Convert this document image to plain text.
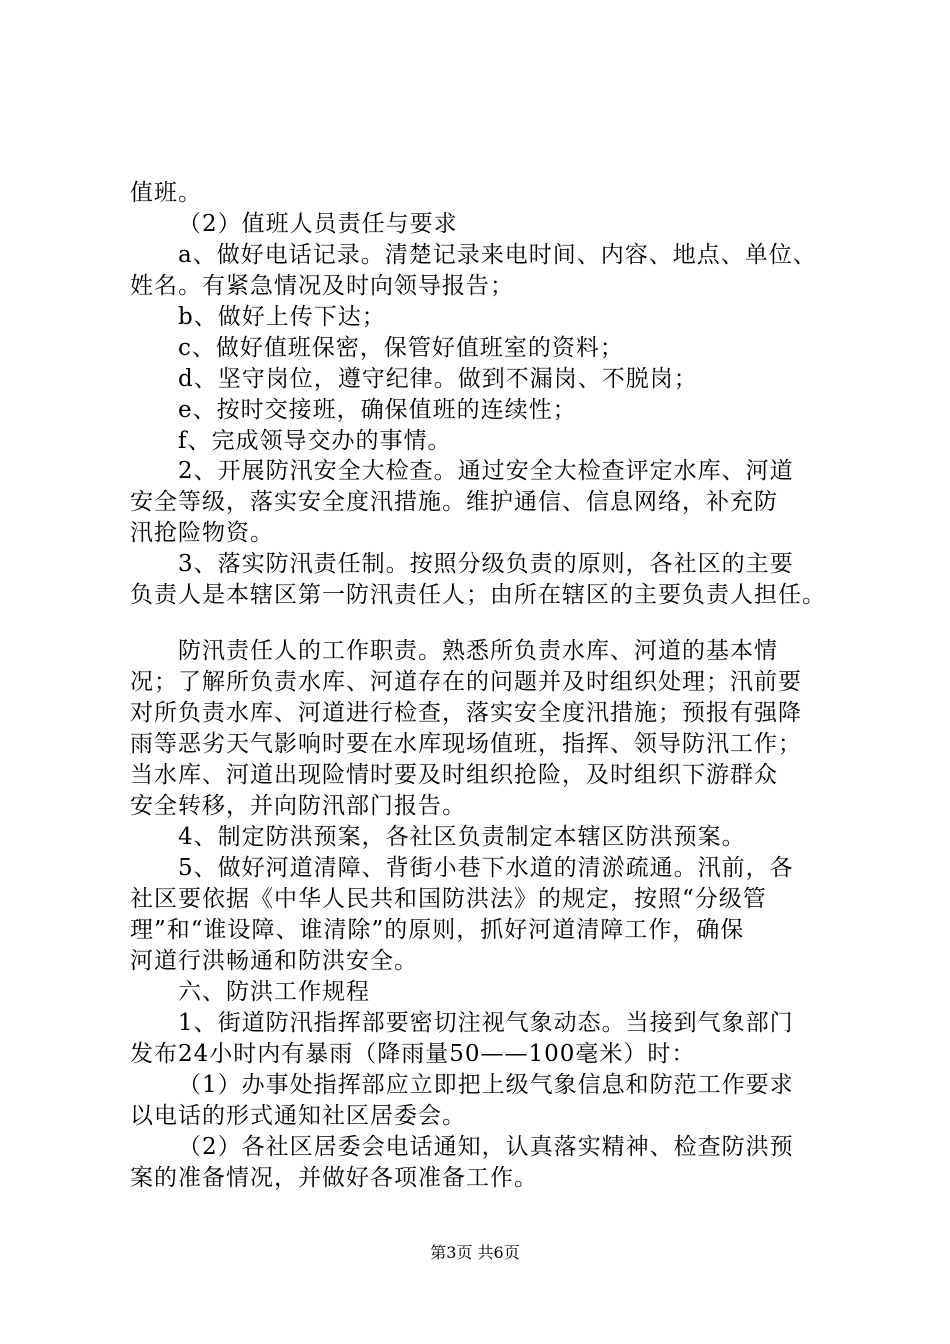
值班。
（2）值班人员责任与要求
a、做好电话记录。清楚记录来电时间、内容、地点、单位、
姓名。有紧急情况及时向领导报告；
b、做好上传下达；
c、做好值班保密，保管好值班室的资料；
d、坚守岗位，遵守纪律。做到不漏岗、不脱岗；
e、按时交接班，确保值班的连续性；
f、完成领导交办的事情。
2、开展防汛安全大检查。通过安全大检查评定水库、河道
安全等级，落实安全度汛措施。维护通信、信息网络，补充防
汛抢险物资。
3、落实防汛责任制。按照分级负责的原则，各社区的主要
负责人是本辖区第一防汛责任人；由所在辖区的主要负责人担任。
防汛责任人的工作职责。熟悉所负责水库、河道的基本情
况；了解所负责水库、河道存在的问题并及时组织处理；汛前要
对所负责水库、河道进行检查，落实安全度汛措施；预报有强降
雨等恶劣天气影响时要在水库现场值班，指挥、领导防汛工作；
当水库、河道出现险情时要及时组织抢险，及时组织下游群众
安全转移，并向防汛部门报告。
4、制定防洪预案，各社区负责制定本辖区防洪预案。
5、做好河道清障、背街小巷下水道的清淤疏通。汛前，各
社区要依据《中华人民共和国防洪法》的规定，按照“分级管
理”和“谁设障、谁清除”的原则，抓好河道清障工作，确保
河道行洪畅通和防洪安全。
六、防洪工作规程
1、街道防汛指挥部要密切注视气象动态。当接到气象部门
发布24小时内有暴雨（降雨量50——100毫米）时：
（1）办事处指挥部应立即把上级气象信息和防范工作要求
以电话的形式通知社区居委会。
（2）各社区居委会电话通知，认真落实精神、检查防洪预
案的准备情况，并做好各项准备工作。
第3页 共6页
